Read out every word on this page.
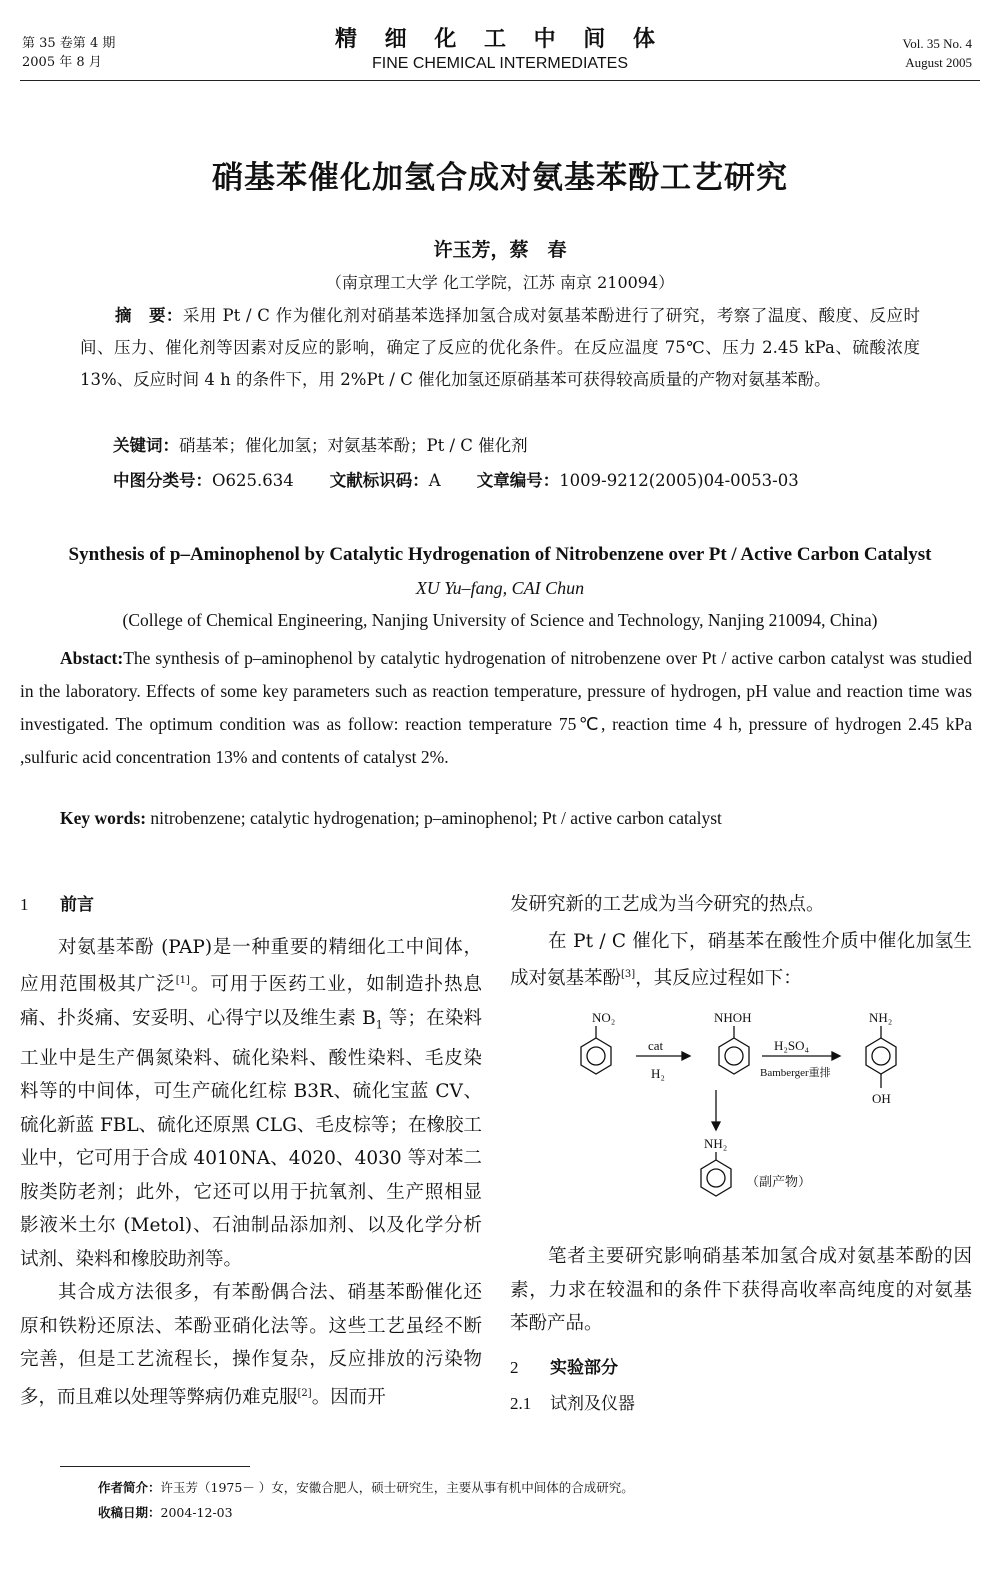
第 35 卷第 4 期
2005 年 8 月
精 细 化 工 中 间 体
FINE CHEMICAL INTERMEDIATES
Vol. 35 No. 4
August 2005
硝基苯催化加氢合成对氨基苯酚工艺研究
许玉芳，蔡　春
（南京理工大学 化工学院，江苏 南京 210094）
摘　要：采用 Pt / C 作为催化剂对硝基苯选择加氢合成对氨基苯酚进行了研究，考察了温度、酸度、反应时间、压力、催化剂等因素对反应的影响，确定了反应的优化条件。在反应温度 75℃、压力 2.45 kPa、硫酸浓度 13%、反应时间 4 h 的条件下，用 2%Pt / C 催化加氢还原硝基苯可获得较高质量的产物对氨基苯酚。
关键词：硝基苯；催化加氢；对氨基苯酚；Pt / C 催化剂
中图分类号：O625.634 文献标识码：A 文章编号：1009-9212(2005)04-0053-03
Synthesis of p–Aminophenol by Catalytic Hydrogenation of Nitrobenzene over Pt / Active Carbon Catalyst
XU Yu–fang, CAI Chun
(College of Chemical Engineering, Nanjing University of Science and Technology, Nanjing 210094, China)
Abstact:The synthesis of p–aminophenol by catalytic hydrogenation of nitrobenzene over Pt / active carbon catalyst was studied in the laboratory. Effects of some key parameters such as reaction temperature, pressure of hydrogen, pH value and reaction time was investigated. The optimum condition was as follow: reaction temperature 75℃, reaction time 4 h, pressure of hydrogen 2.45 kPa ,sulfuric acid concentration 13% and contents of catalyst 2%.
Key words: nitrobenzene; catalytic hydrogenation; p–aminophenol; Pt / active carbon catalyst
1 前言

对氨基苯酚 (PAP)是一种重要的精细化工中间体，应用范围极其广泛[1]。可用于医药工业，如制造扑热息痛、扑炎痛、安妥明、心得宁以及维生素 $B_1$ 等；在染料工业中是生产偶氮染料、硫化染料、酸性染料、毛皮染料等的中间体，可生产硫化红棕 B3R、硫化宝蓝 CV、硫化新蓝 FBL、硫化还原黑 CLG、毛皮棕等；在橡胶工业中，它可用于合成 4010NA、4020、4030 等对苯二胺类防老剂；此外，它还可以用于抗氧剂、生产照相显影液米土尔 (Metol)、石油制品添加剂、以及化学分析试剂、染料和橡胶助剂等。

其合成方法很多，有苯酚偶合法、硝基苯酚催化还原和铁粉还原法、苯酚亚硝化法等。这些工艺虽经不断完善，但是工艺流程长，操作复杂，反应排放的污染物多，而且难以处理等弊病仍难克服[2]。因而开

发研究新的工艺成为当今研究的热点。

在 Pt / C 催化下，硝基苯在酸性介质中催化加氢生成对氨基苯酚[3]，其反应过程如下：

NO₂
cat
H₂
NHOH
H₂SO₄
Bamberger重排
NH₂
OH
NH₂
（副产物）

笔者主要研究影响硝基苯加氢合成对氨基苯酚的因素，力求在较温和的条件下获得高收率高纯度的对氨基苯酚产品。

2 实验部分
2.1 试剂及仪器
作者简介：许玉芳（1975－ ）女，安徽合肥人，硕士研究生，主要从事有机中间体的合成研究。
收稿日期：2004-12-03
